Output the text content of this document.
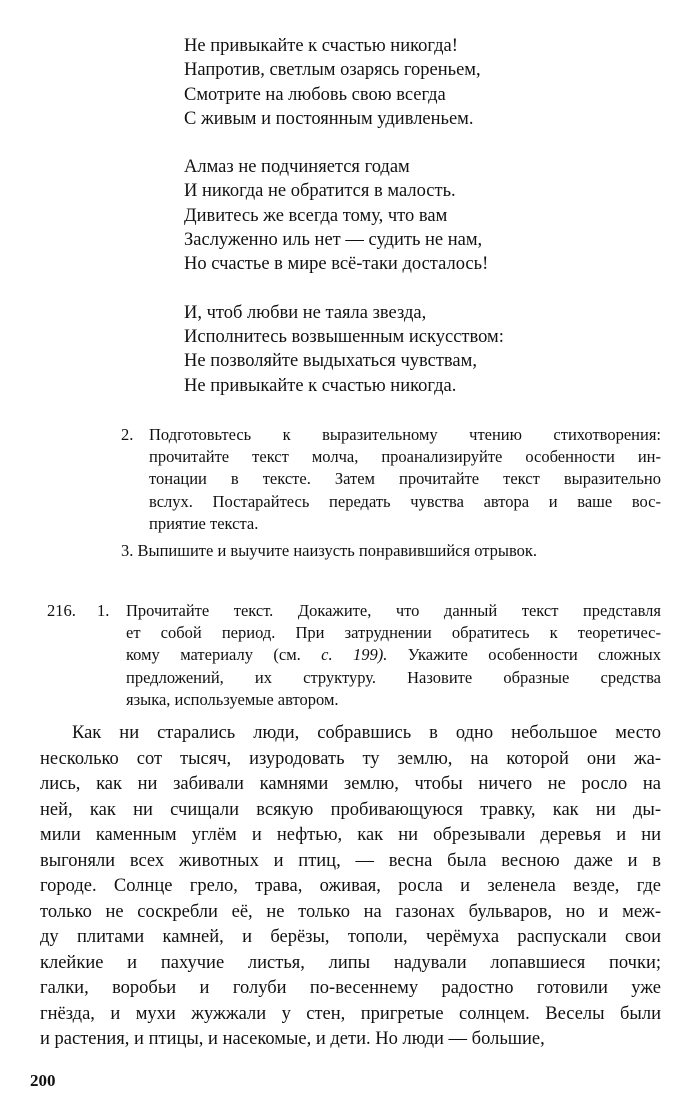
Не привыкайте к счастью никогда!
Напротив, светлым озарясь гореньем,
Смотрите на любовь свою всегда
С живым и постоянным удивленьем.
Алмаз не подчиняется годам
И никогда не обратится в малость.
Дивитесь же всегда тому, что вам
Заслуженно иль нет — судить не нам,
Но счастье в мире всё-таки досталось!
И, чтоб любви не таяла звезда,
Исполнитесь возвышенным искусством:
Не позволяйте выдыхаться чувствам,
Не привыкайте к счастью никогда.
2. Подготовьтесь к выразительному чтению стихотворения:
прочитайте текст молча, проанализируйте особенности ин-
тонации в тексте. Затем прочитайте текст выразительно
вслух. Постарайтесь передать чувства автора и ваше вос-
приятие текста.
3. Выпишите и выучите наизусть понравившийся отрывок.
216. 1. Прочитайте текст. Докажите, что данный текст представля
ет собой период. При затруднении обратитесь к теоретичес-
кому материалу (см. с. 199). Укажите особенности сложных
предложений, их структуру. Назовите образные средства
языка, используемые автором.
Как ни старались люди, собравшись в одно небольшое место
несколько сот тысяч, изуродовать ту землю, на которой они жа-
лись, как ни забивали камнями землю, чтобы ничего не росло на
ней, как ни счищали всякую пробивающуюся травку, как ни ды-
мили каменным углём и нефтью, как ни обрезывали деревья и ни
выгоняли всех животных и птиц, — весна была весною даже и в
городе. Солнце грело, трава, оживая, росла и зеленела везде, где
только не соскребли её, не только на газонах бульваров, но и меж-
ду плитами камней, и берёзы, тополи, черёмуха распускали свои
клейкие и пахучие листья, липы надували лопавшиеся почки;
галки, воробьи и голуби по-весеннему радостно готовили уже
гнёзда, и мухи жужжали у стен, пригретые солнцем. Веселы были
и растения, и птицы, и насекомые, и дети. Но люди — большие,
200
